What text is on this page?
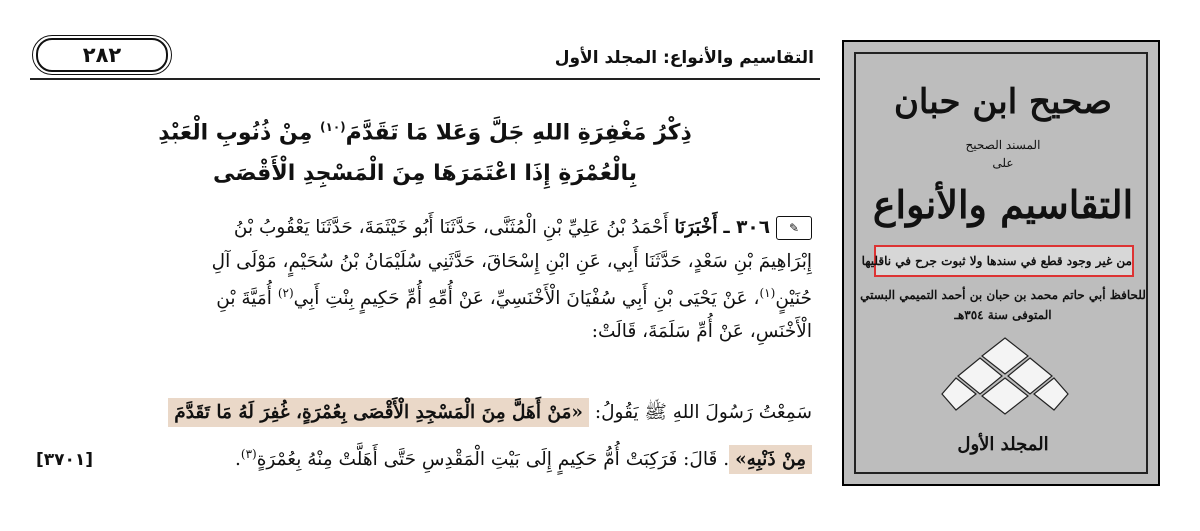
التقاسيم والأنواع: المجلد الأول
٢٨٢
ذِكْرُ مَغْفِرَةِ اللهِ جَلَّ وَعَلا مَا تَقَدَّمَ$^{(١٠)}$ مِنْ ذُنُوبِ الْعَبْدِ
بِالْعُمْرَةِ إِذَا اعْتَمَرَهَا مِنَ الْمَسْجِدِ الْأَقْصَى
✎٣٠٦ ـ أَخْبَرَنَا أَحْمَدُ بْنُ عَلِيِّ بْنِ الْمُثَنَّى، حَدَّثَنَا أَبُو خَيْثَمَةَ، حَدَّثَنَا يَعْقُوبُ بْنُ
إِبْرَاهِيمَ بْنِ سَعْدٍ، حَدَّثَنَا أَبِي، عَنِ ابْنِ إِسْحَاقَ، حَدَّثَنِي سُلَيْمَانُ بْنُ سُحَيْمٍ، مَوْلَى آلِ
حُنَيْنٍ$^{(١)}$، عَنْ يَحْيَى بْنِ أَبِي سُفْيَانَ الْأَخْنَسِيِّ، عَنْ أُمِّهِ أُمِّ حَكِيمٍ بِنْتِ أَبِي$^{(٢)}$ أُمَيَّةَ بْنِ
الْأَخْنَسِ، عَنْ أُمِّ سَلَمَةَ، قَالَتْ:
سَمِعْتُ رَسُولَ اللهِ ﷺ يَقُولُ: «مَنْ أَهَلَّ مِنَ الْمَسْجِدِ الْأَقْصَى بِعُمْرَةٍ، غُفِرَ لَهُ مَا تَقَدَّمَ
مِنْ ذَنْبِهِ». قَالَ: فَرَكِبَتْ أُمُّ حَكِيمٍ إِلَى بَيْتِ الْمَقْدِسِ حَتَّى أَهَلَّتْ مِنْهُ بِعُمْرَةٍ$^{(٣)}$.
[٣٧٠١]
صحيح ابن حبان
المسند الصحيح
على
التقاسيم والأنواع
من غير وجود قطع في سندها ولا ثبوت جرح في ناقليها
للحافظ أبي حاتم محمد بن حبان بن أحمد التميمي البستي
المتوفى سنة ٣٥٤هـ
المجلد الأول
